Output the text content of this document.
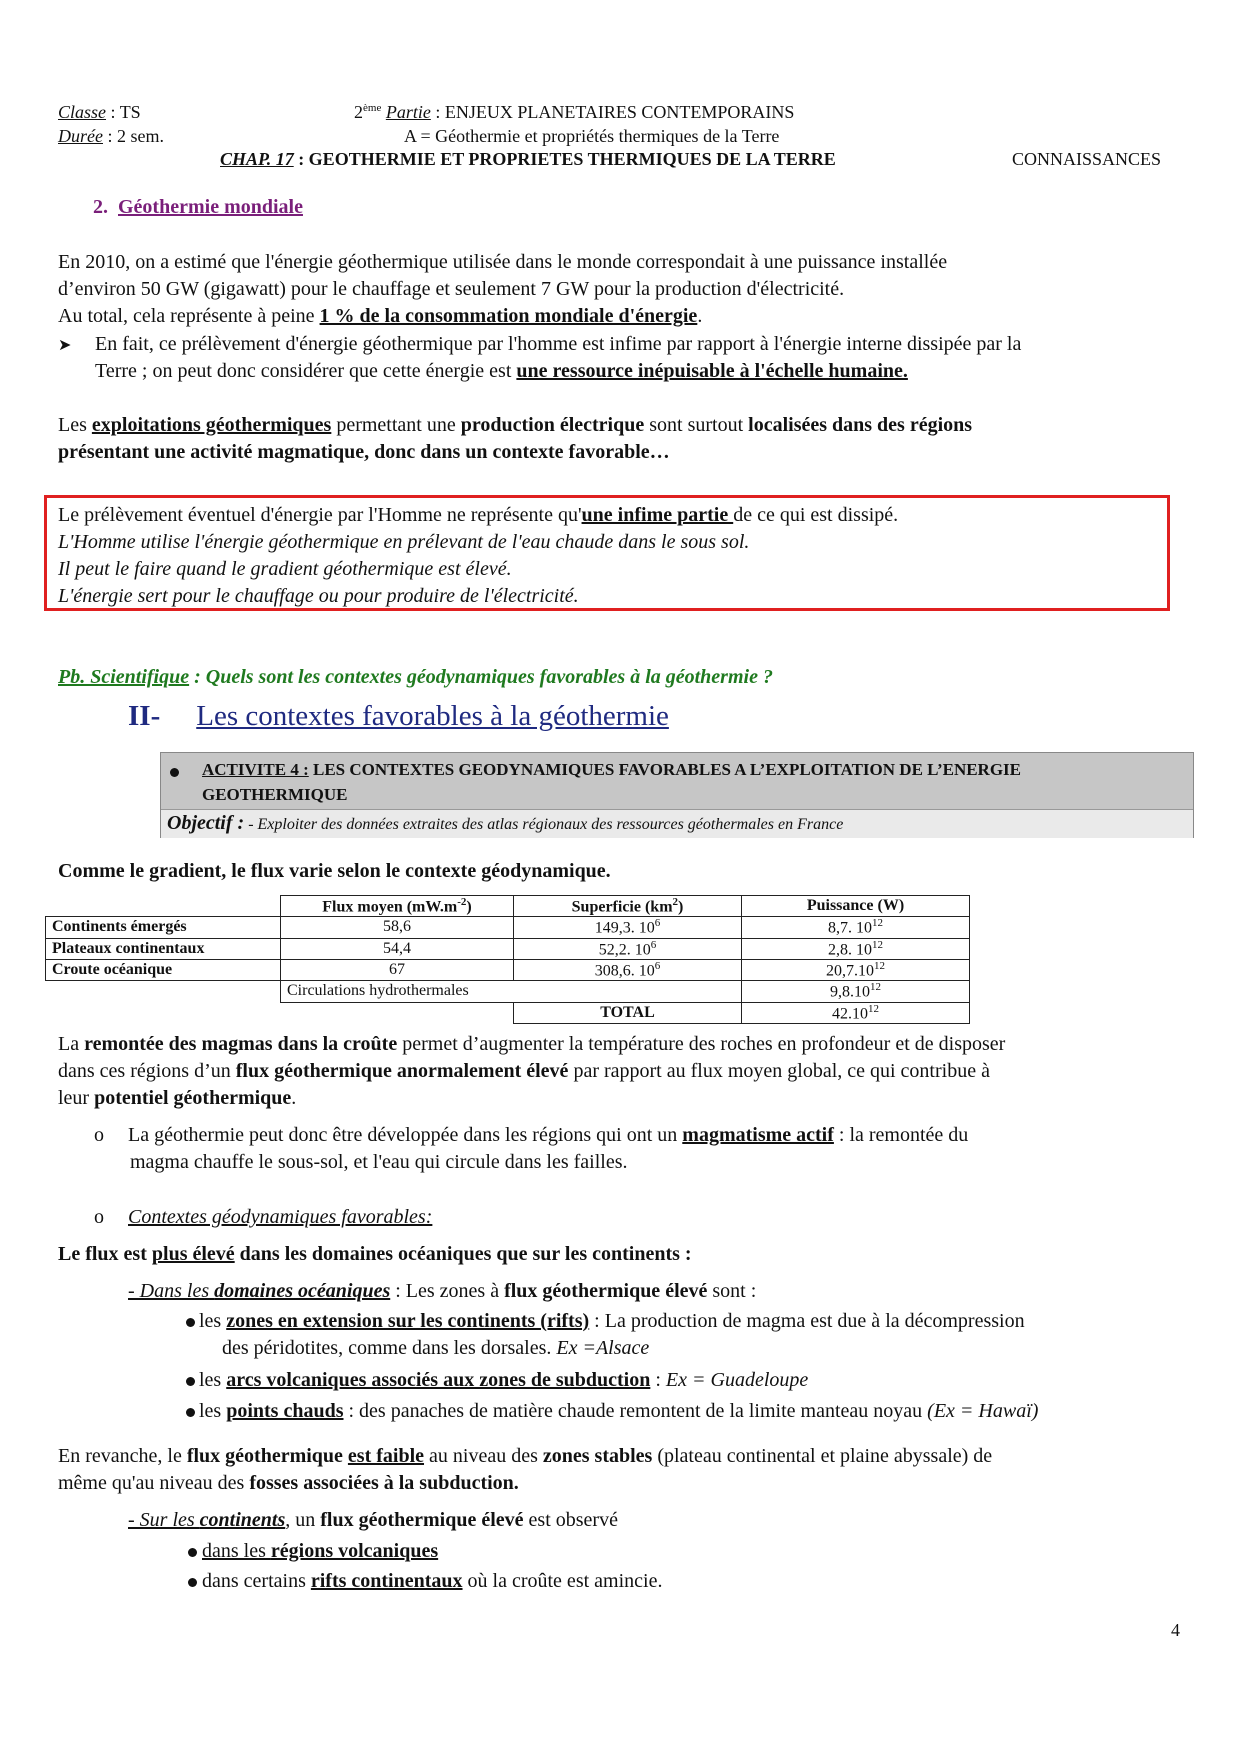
Classe : TS
Durée : 2 sem.
2ème Partie : ENJEUX PLANETAIRES CONTEMPORAINS
A = Géothermie et propriétés thermiques de la Terre
CHAP. 17 : GEOTHERMIE ET PROPRIETES THERMIQUES DE LA TERRE	CONNAISSANCES
2. Géothermie mondiale
En 2010, on a estimé que l'énergie géothermique utilisée dans le monde correspondait à une puissance installée
d’environ 50 GW (gigawatt) pour le chauffage et seulement 7 GW pour la production d'électricité.
Au total, cela représente à peine 1 % de la consommation mondiale d'énergie.
➤ En fait, ce prélèvement d'énergie géothermique par l'homme est infime par rapport à l'énergie interne dissipée par la
Terre ; on peut donc considérer que cette énergie est une ressource inépuisable à l'échelle humaine.
Les exploitations géothermiques permettant une production électrique sont surtout localisées dans des régions
présentant une activité magmatique, donc dans un contexte favorable…
Le prélèvement éventuel d'énergie par l'Homme ne représente qu'une infime partie de ce qui est dissipé.
L'Homme utilise l'énergie géothermique en prélevant de l'eau chaude dans le sous sol.
Il peut le faire quand le gradient géothermique est élevé.
L'énergie sert pour le chauffage ou pour produire de l'électricité.
Pb. Scientifique : Quels sont les contextes géodynamiques favorables à la géothermie ?
II- Les contextes favorables à la géothermie
ACTIVITE 4 : LES CONTEXTES GEODYNAMIQUES FAVORABLES A L’EXPLOITATION DE L’ENERGIE
GEOTHERMIQUE
Objectif : - Exploiter des données extraites des atlas régionaux des ressources géothermales en France
Comme le gradient, le flux varie selon le contexte géodynamique.
	Flux moyen $(mW.m^{-2})$	Superficie $(km^2)$	Puissance (W)
Continents émergés	58,6	149,3. $10^6$	8,7. $10^{12}$
Plateaux continentaux	54,4	52,2. $10^6$	2,8. $10^{12}$
Croute océanique	67	308,6. $10^6$	20,7.10$^{12}$
	Circulations hydrothermales		9,8.10$^{12}$
		TOTAL	42.10$^{12}$
La remontée des magmas dans la croûte permet d’augmenter la température des roches en profondeur et de disposer
dans ces régions d’un flux géothermique anormalement élevé par rapport au flux moyen global, ce qui contribue à
leur potentiel géothermique.
o La géothermie peut donc être développée dans les régions qui ont un magmatisme actif : la remontée du
magma chauffe le sous-sol, et l'eau qui circule dans les failles.
o Contextes géodynamiques favorables:
Le flux est plus élevé dans les domaines océaniques que sur les continents :
- Dans les domaines océaniques : Les zones à flux géothermique élevé sont :
les zones en extension sur les continents (rifts) : La production de magma est due à la décompression
des péridotites, comme dans les dorsales. Ex =Alsace
les arcs volcaniques associés aux zones de subduction : Ex = Guadeloupe
les points chauds : des panaches de matière chaude remontent de la limite manteau noyau (Ex = Hawaï)
En revanche, le flux géothermique est faible au niveau des zones stables (plateau continental et plaine abyssale) de
même qu'au niveau des fosses associées à la subduction.
- Sur les continents, un flux géothermique élevé est observé
dans les régions volcaniques
dans certains rifts continentaux où la croûte est amincie.
4
